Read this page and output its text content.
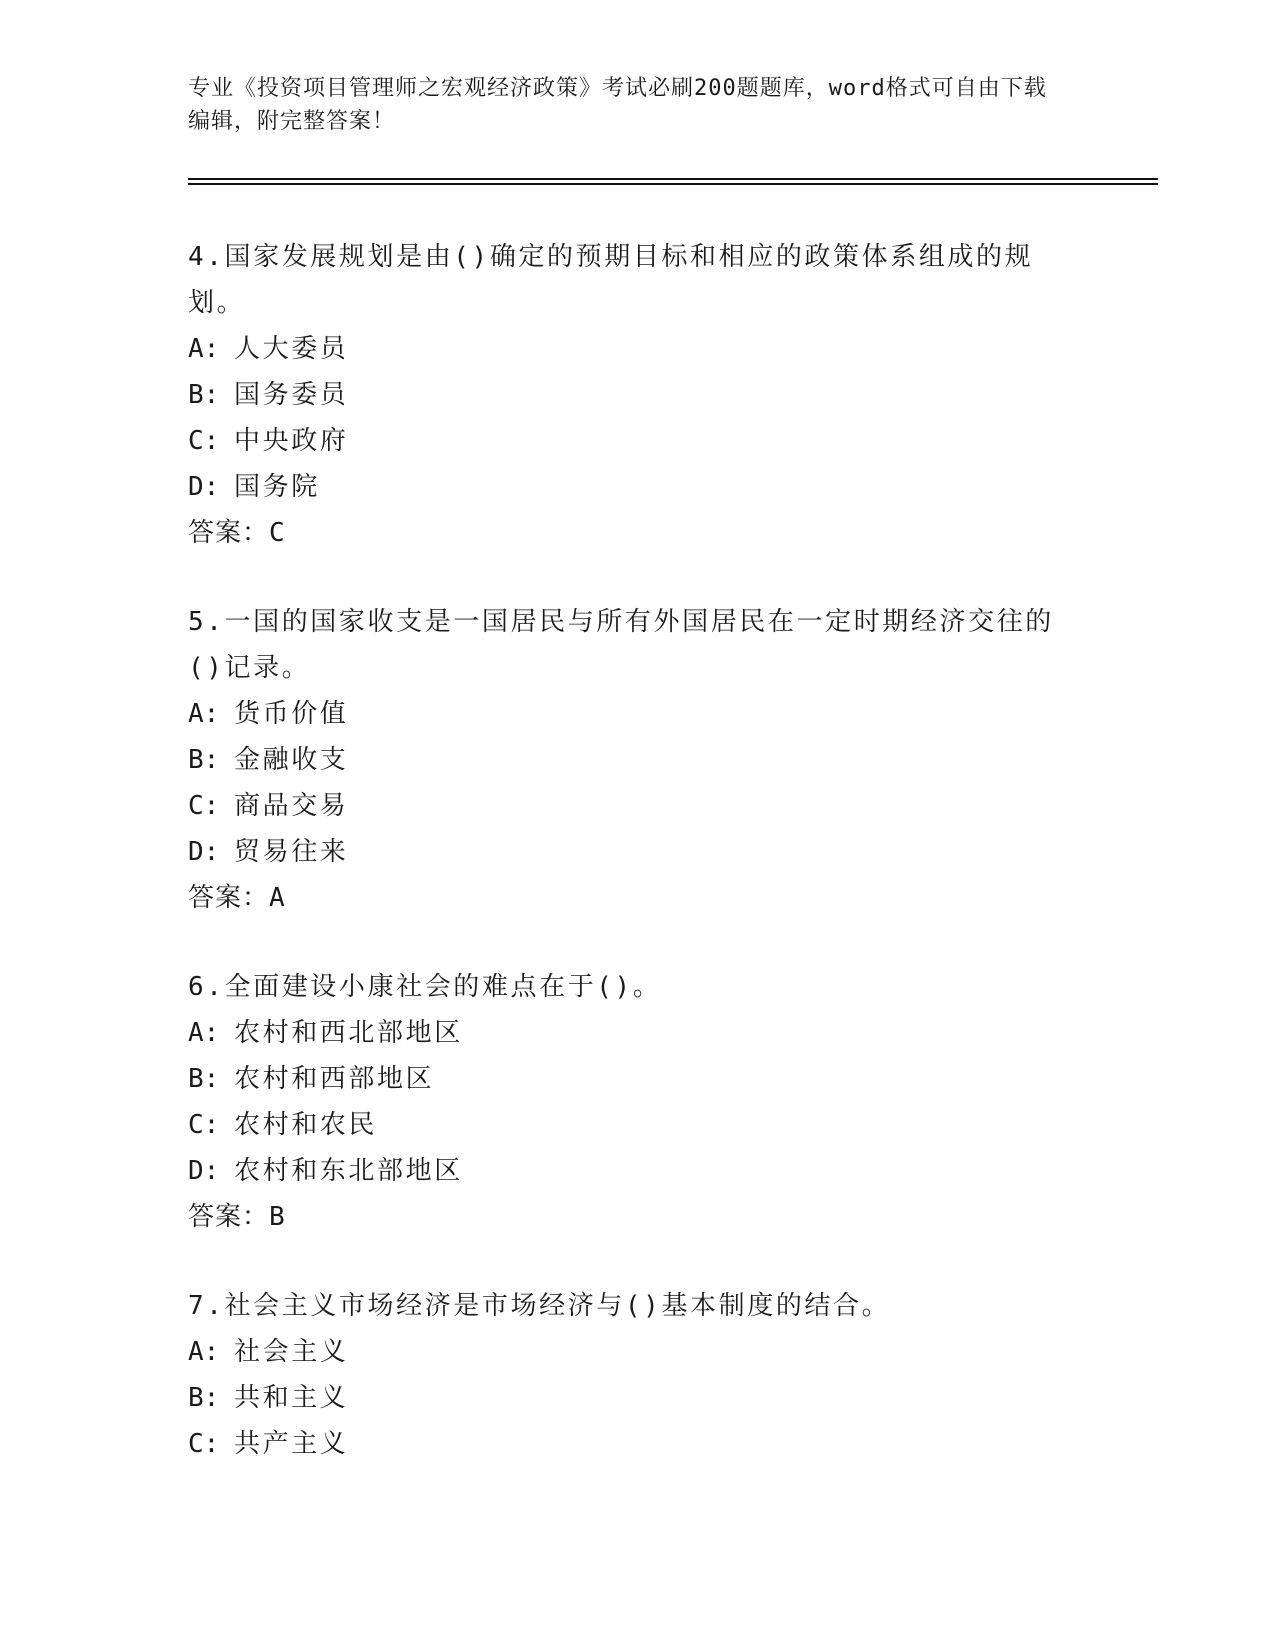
专业《投资项目管理师之宏观经济政策》考试必刷200题题库，word格式可自由下载编辑，附完整答案！

4.国家发展规划是由()确定的预期目标和相应的政策体系组成的规划。

A: 人大委员

B: 国务委员

C: 中央政府

D: 国务院

答案：C

5.一国的国家收支是一国居民与所有外国居民在一定时期经济交往的()记录。

A: 货币价值

B: 金融收支

C: 商品交易

D: 贸易往来

答案：A

6.全面建设小康社会的难点在于()。

A: 农村和西北部地区

B: 农村和西部地区

C: 农村和农民

D: 农村和东北部地区

答案：B

7.社会主义市场经济是市场经济与()基本制度的结合。

A: 社会主义

B: 共和主义

C: 共产主义
